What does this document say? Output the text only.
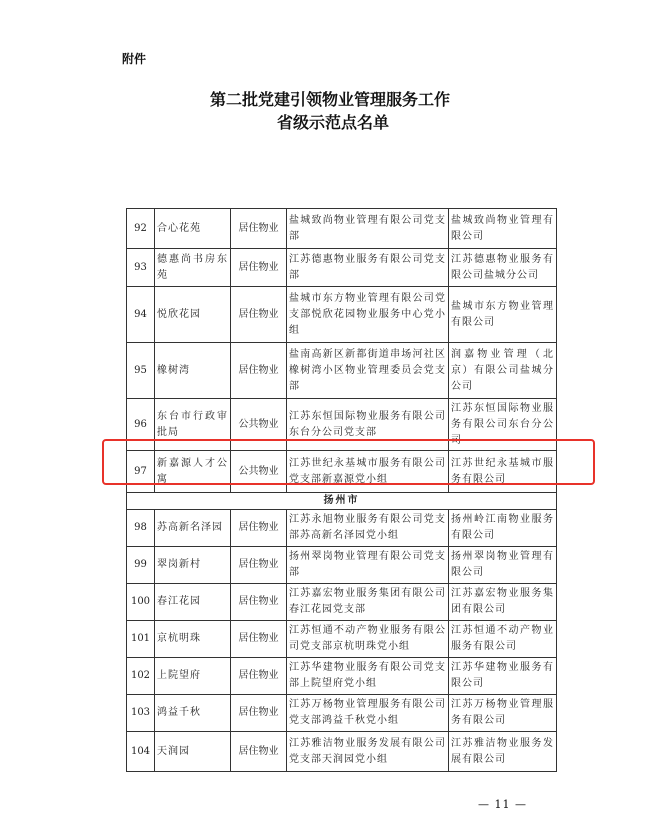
附件
第二批党建引领物业管理服务工作
省级示范点名单
92	合心花苑	居住物业	盐城致尚物业管理有限公司党支部	盐城致尚物业管理有限公司
93	德惠尚书房东苑	居住物业	江苏德惠物业服务有限公司党支部	江苏德惠物业服务有限公司盐城分公司
94	悦欣花园	居住物业	盐城市东方物业管理有限公司党支部悦欣花园物业服务中心党小组	盐城市东方物业管理有限公司
95	橡树湾	居住物业	盐南高新区新都街道串场河社区橡树湾小区物业管理委员会党支部	润嘉物业管理（北京）有限公司盐城分公司
96	东台市行政审批局	公共物业	江苏东恒国际物业服务有限公司东台分公司党支部	江苏东恒国际物业服务有限公司东台分公司
97	新嘉源人才公寓	公共物业	江苏世纪永基城市服务有限公司党支部新嘉源党小组	江苏世纪永基城市服务有限公司
扬州市				
98	苏高新名泽园	居住物业	江苏永旭物业服务有限公司党支部苏高新名泽园党小组	扬州岭江南物业服务有限公司
99	翠岗新村	居住物业	扬州翠岗物业管理有限公司党支部	扬州翠岗物业管理有限公司
100	春江花园	居住物业	江苏嘉宏物业服务集团有限公司春江花园党支部	江苏嘉宏物业服务集团有限公司
101	京杭明珠	居住物业	江苏恒通不动产物业服务有限公司党支部京杭明珠党小组	江苏恒通不动产物业服务有限公司
102	上院望府	居住物业	江苏华建物业服务有限公司党支部上院望府党小组	江苏华建物业服务有限公司
103	鸿益千秋	居住物业	江苏万杨物业管理服务有限公司党支部鸿益千秋党小组	江苏万杨物业管理服务有限公司
104	天润园	居住物业	江苏雅洁物业服务发展有限公司党支部天润园党小组	江苏雅洁物业服务发展有限公司
— 11 —
